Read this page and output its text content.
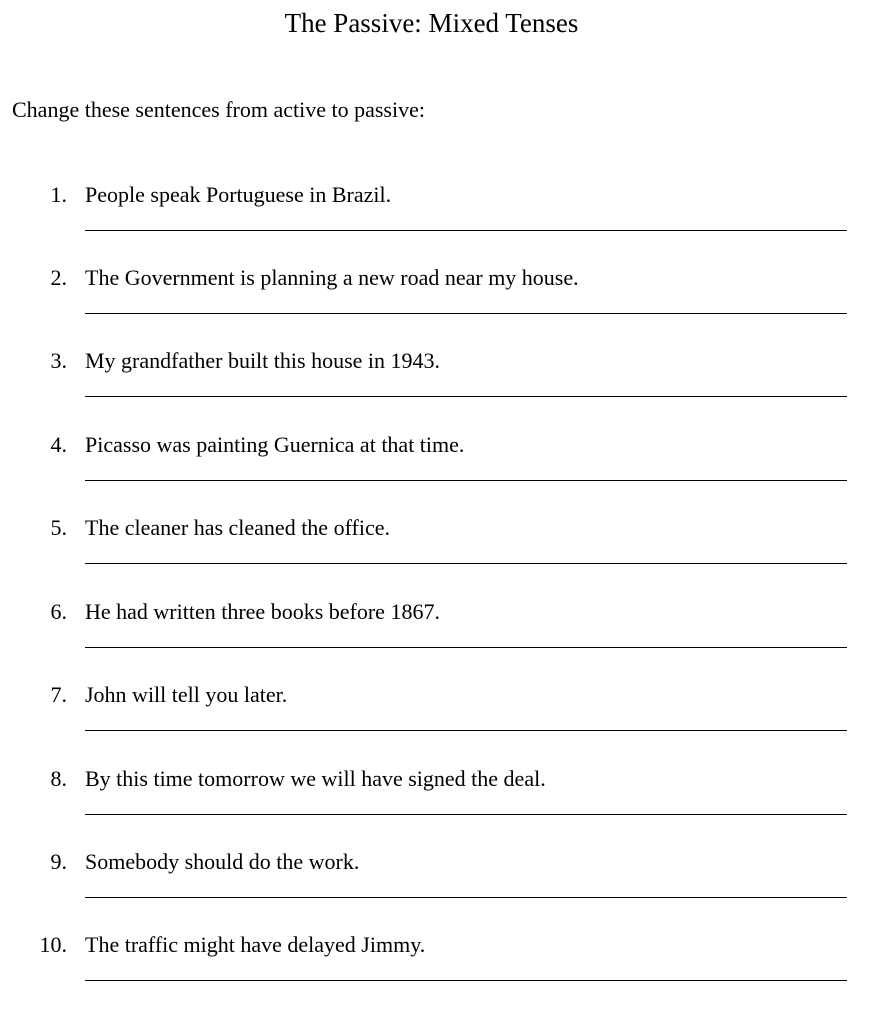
The Passive: Mixed Tenses
Change these sentences from active to passive:
1. People speak Portuguese in Brazil.
2. The Government is planning a new road near my house.
3. My grandfather built this house in 1943.
4. Picasso was painting Guernica at that time.
5. The cleaner has cleaned the office.
6. He had written three books before 1867.
7. John will tell you later.
8. By this time tomorrow we will have signed the deal.
9. Somebody should do the work.
10. The traffic might have delayed Jimmy.
